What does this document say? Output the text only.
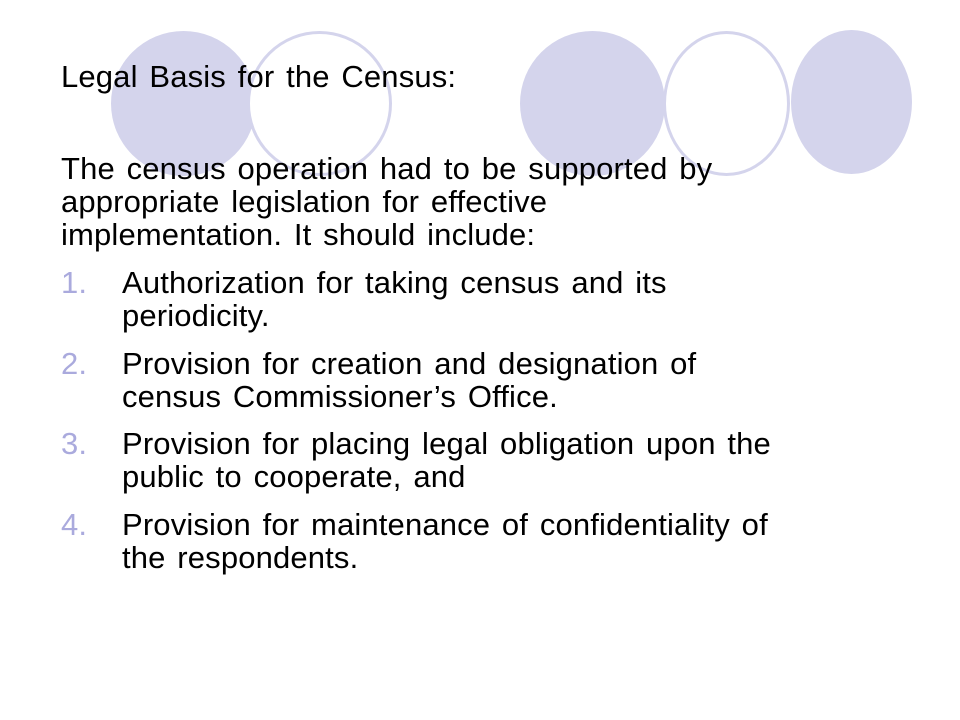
Legal Basis for the Census:
The census operation had to be supported by
appropriate legislation for effective
implementation. It should include:
1. Authorization for taking census and its
periodicity.
2. Provision for creation and designation of
census Commissioner’s Office.
3. Provision for placing legal obligation upon the
public to cooperate, and
4. Provision for maintenance of confidentiality of
the respondents.
